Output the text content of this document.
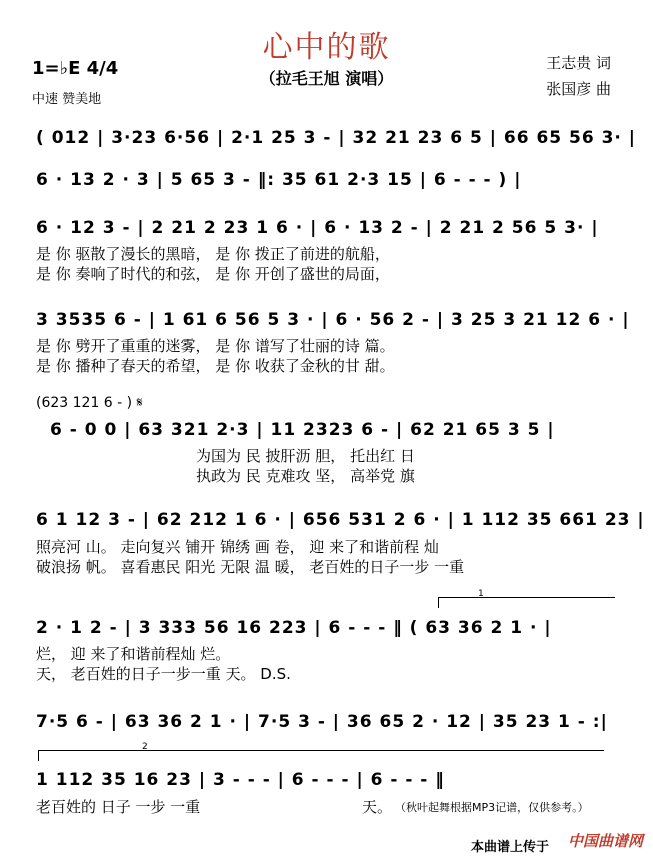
心中的歌
（拉毛王旭 演唱）
1=♭E 4/4
中速 赞美地
王志贵 词
张国彦 曲
( 012 | 3·23 6·56 | 2·1 25 3 - | 32 21 23 6 5 | 66 65 56 3· |
6 · 13 2 · 3 | 5 65 3 - ‖: 35 61 2·3 15 | 6 - - - ) |
6 · 12 3 - | 2 21 2 23 1 6 · | 6 · 13 2 - | 2 21 2 56 5 3· |
是 你 驱散了漫长的黑暗， 是 你 拨正了前进的航船，
是 你 奏响了时代的和弦， 是 你 开创了盛世的局面，
3 3535 6 - | 1 61 6 56 5 3 · | 6 · 56 2 - | 3 25 3 21 12 6 · |
是 你 劈开了重重的迷雾， 是 你 谱写了壮丽的诗 篇。
是 你 播种了春天的希望， 是 你 收获了金秋的甘 甜。
(623 121 6 - ) 𝄋
6 - 0 0 | 63 321 2·3 | 11 2323 6 - | 62 21 65 3 5 |
为国为 民 披肝沥 胆， 托出红 日
执政为 民 克难攻 坚， 高举党 旗
6 1 12 3 - | 62 212 1 6 · | 656 531 2 6 · | 1 112 35 661 23 |
照亮河 山。 走向复兴 铺开 锦绣 画 卷， 迎 来了和谐前程 灿
破浪扬 帆。 喜看惠民 阳光 无限 温 暖， 老百姓的日子一步 一重
1
2 · 1 2 - | 3 333 56 16 223 | 6 - - - ‖ ( 63 36 2 1 · |
烂， 迎 来了和谐前程灿 烂。
天， 老百姓的日子一步一重 天。 D.S.
7·5 6 - | 63 36 2 1 · | 7·5 3 - | 36 65 2 · 12 | 35 23 1 - :|
2
1 112 35 16 23 | 3 - - - | 6 - - - | 6 - - - ‖
老百姓的 日子 一步 一重	天。 （秋叶起舞根据MP3记谱，仅供参考。）
本曲谱上传于 中国曲谱网
